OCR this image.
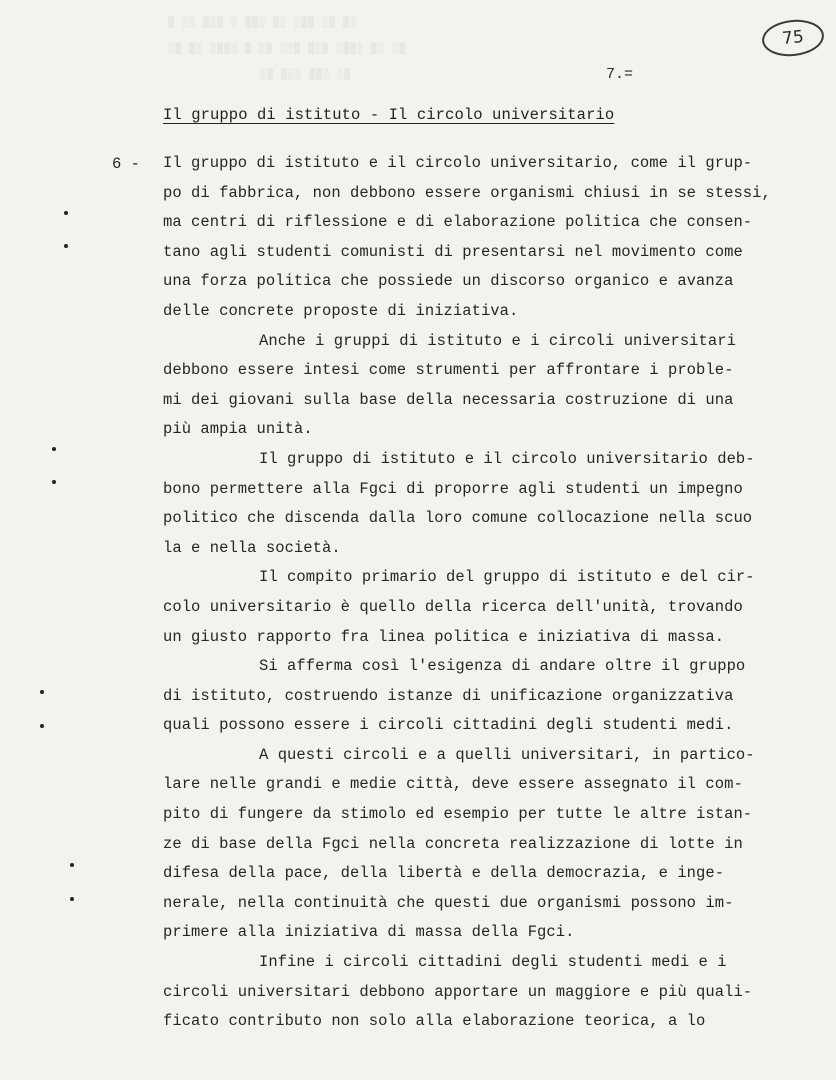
▒ ░░ ▒░▒ ░ ▒▒░ ▒░ ░▒▒ ░▒ ▒░
░▒ ▒░ ░▒▒░ ▒ ░▒ ░░▒ ▒░▒ ░▒▒░ ▒░ ░▒
░▒ ▒░░ ▒▒░ ░▒
75
7.=
Il gruppo di istituto - Il circolo universitario
6 - Il gruppo di istituto e il circolo universitario, come il grup-
po di fabbrica, non debbono essere organismi chiusi in se stessi,
ma centri di riflessione e di elaborazione politica che consen-
tano agli studenti comunisti di presentarsi nel movimento come
una forza politica che possiede un discorso organico e avanza
delle concrete proposte di iniziativa.
Anche i gruppi di istituto e i circoli universitari
debbono essere intesi come strumenti per affrontare i proble-
mi dei giovani sulla base della necessaria costruzione di una
più ampia unità.
Il gruppo di istituto e il circolo universitario deb-
bono permettere alla Fgci di proporre agli studenti un impegno
politico che discenda dalla loro comune collocazione nella scuo
la e nella società.
Il compito primario del gruppo di istituto e del cir-
colo universitario è quello della ricerca dell'unità, trovando
un giusto rapporto fra linea politica e iniziativa di massa.
Si afferma così l'esigenza di andare oltre il gruppo
di istituto, costruendo istanze di unificazione organizzativa
quali possono essere i circoli cittadini degli studenti medi.
A questi circoli e a quelli universitari, in partico-
lare nelle grandi e medie città, deve essere assegnato il com-
pito di fungere da stimolo ed esempio per tutte le altre istan-
ze di base della Fgci nella concreta realizzazione di lotte in
difesa della pace, della libertà e della democrazia, e inge-
nerale, nella continuità che questi due organismi possono im-
primere alla iniziativa di massa della Fgci.
Infine i circoli cittadini degli studenti medi e i
circoli universitari debbono apportare un maggiore e più quali-
ficato contributo non solo alla elaborazione teorica, a lo
